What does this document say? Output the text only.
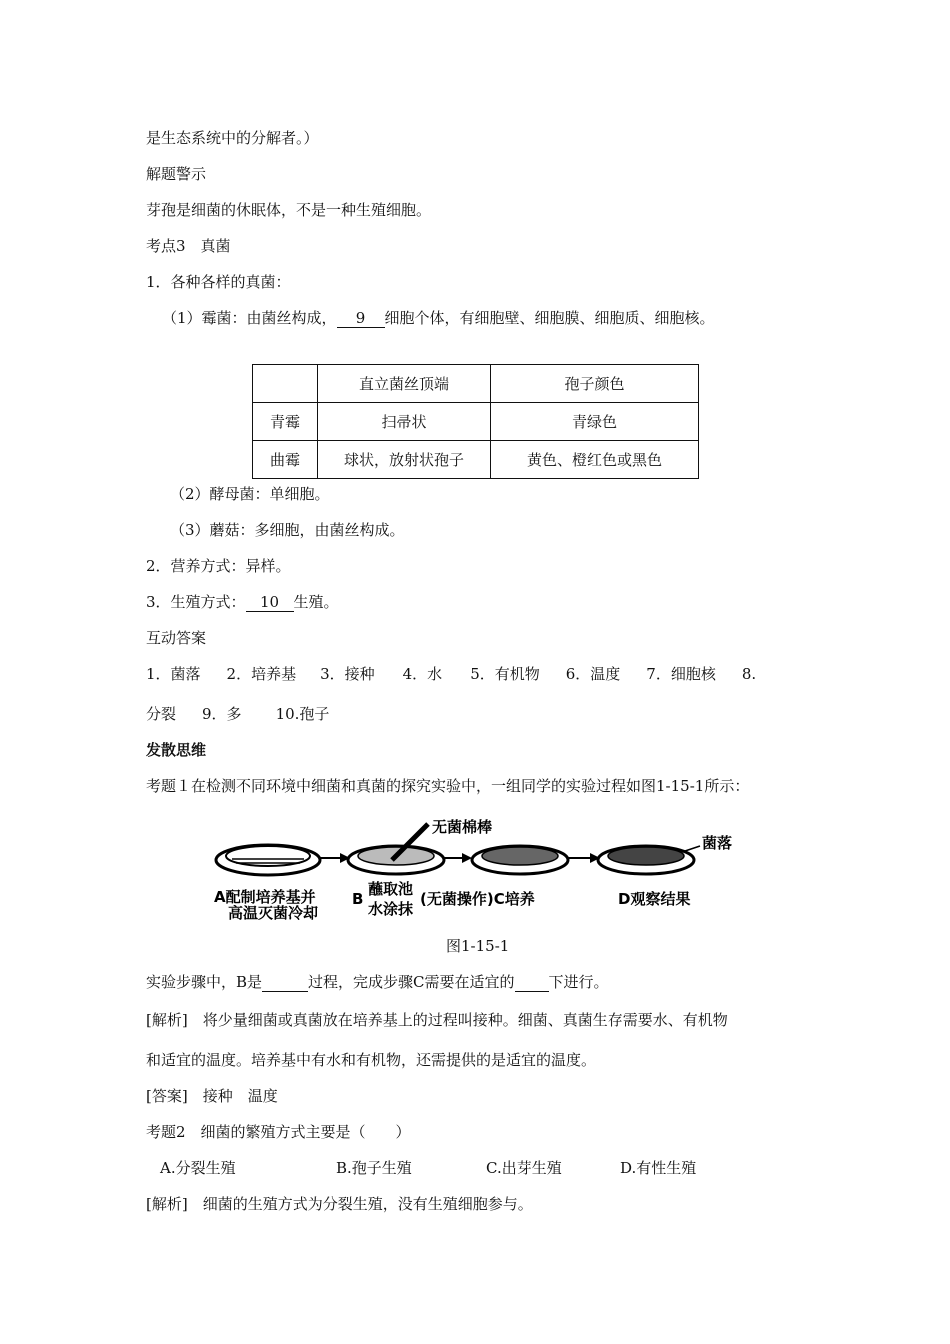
是生态系统中的分解者。）
解题警示
芽孢是细菌的休眠体，不是一种生殖细胞。
考点3　真菌
1．各种各样的真菌：
（1）霉菌：由菌丝构成， 9 细胞个体，有细胞壁、细胞膜、细胞质、细胞核。
	直立菌丝顶端	孢子颜色
青霉	扫帚状	青绿色
曲霉	球状，放射状孢子	黄色、橙红色或黑色
（2）酵母菌：单细胞。
（3）蘑菇：多细胞，由菌丝构成。
2．营养方式：异样。
3．生殖方式： 10 生殖。
互动答案
1．菌落 2．培养基 3．接种 4．水 5．有机物 6．温度 7．细胞核 8.
分裂 9．多 10.孢子
发散思维
考题１在检测不同环境中细菌和真菌的探究实验中，一组同学的实验过程如图1-15-1所示：
无菌棉棒
菌落
A配制培养基并
高温灭菌冷却
B
蘸取池
水涂抹
(无菌操作)C培养	D观察结果
图1-15-1
实验步骤中，B是	过程，完成步骤C需要在适宜的 下进行。
[解析]　将少量细菌或真菌放在培养基上的过程叫接种。细菌、真菌生存需要水、有机物
和适宜的温度。培养基中有水和有机物，还需提供的是适宜的温度。
[答案]　接种　温度
考题2　细菌的繁殖方式主要是（　　）
A.分裂生殖	B.孢子生殖	C.出芽生殖	D.有性生殖
[解析]　细菌的生殖方式为分裂生殖，没有生殖细胞参与。
